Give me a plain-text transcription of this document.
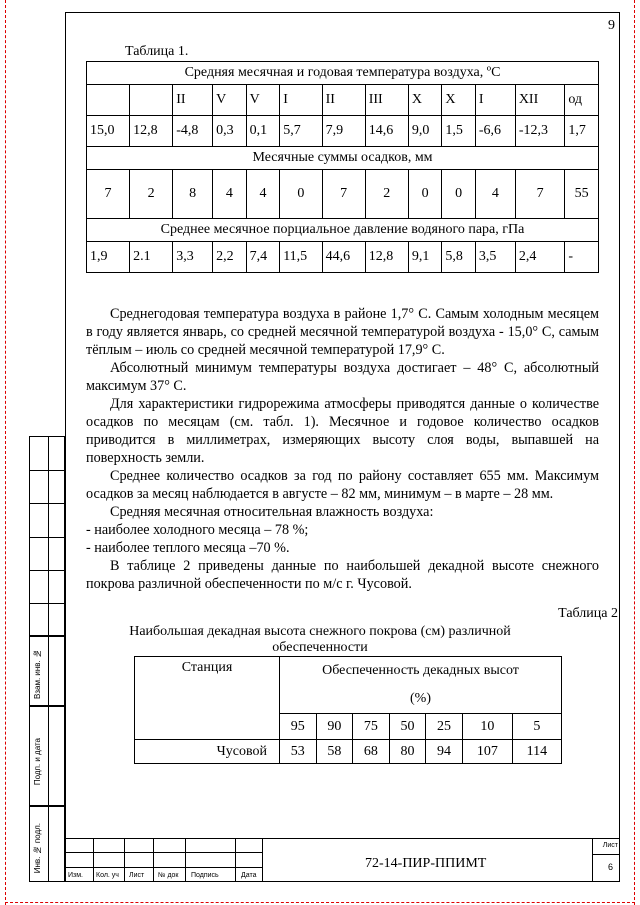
9
Таблица 1.
Средняя месячная и годовая температура воздуха, ºС												
		II	V	V	I	II	III	X	X	I	XII	од
15,0	12,8	-4,8	0,3	0,1	5,7	7,9	14,6	9,0	1,5	-6,6	-12,3	1,7
Месячные суммы осадков, мм												
7	2	8	4	4	0	7	2	0	0	4	7	55
Среднее месячное порциальное давление водяного пара, гПа												
1,9	2.1	3,3	2,2	7,4	11,5	44,6	12,8	9,1	5,8	3,5	2,4	-

Среднегодовая температура воздуха в районе 1,7° С. Самым холодным месяцем в году является январь, со средней месячной температурой воздуха - 15,0° С, самым тёплым – июль со средней месячной температурой 17,9° С.

Абсолютный минимум температуры воздуха достигает – 48° С, абсолютный максимум 37° С.

Для характеристики гидрорежима атмосферы приводятся данные о количестве осадков по месяцам (см. табл. 1). Месячное и годовое количество осадков приводится в миллиметрах, измеряющих высоту слоя воды, выпавшей на поверхность земли.

Среднее количество осадков за год по району составляет 655 мм. Максимум осадков за месяц наблюдается в августе – 82 мм, минимум – в марте – 28 мм.

Средняя месячная относительная влажность воздуха:

- наиболее холодного месяца – 78 %;

- наиболее теплого месяца –70 %.

В таблице 2 приведены данные по наибольшей декадной высоте снежного покрова различной обеспеченности по м/с г. Чусовой.

Таблица 2
Наибольшая декадная высота снежного покрова (см) различной обеспеченности
Станция	Обеспеченность декадных высот
(%)						
	95	90	75	50	25	10	5
Чусовой	53	58	68	80	94	107	114
Взам. инв. №
Подп. и дата
Инв. № подл.
Изм. Кол. уч Лист № док Подпись	Дата
72-14-ПИР-ППИМТ
Лист
6
